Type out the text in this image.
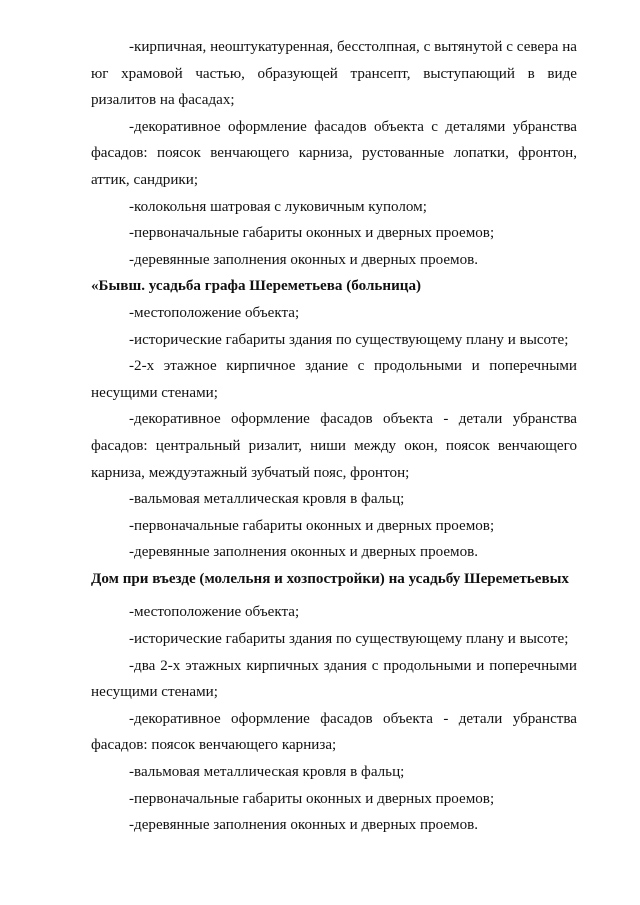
-кирпичная, неоштукатуренная, бесстолпная, с вытянутой с севера на юг храмовой частью, образующей трансепт, выступающий в виде ризалитов на фасадах;

-декоративное оформление фасадов объекта с деталями убранства фасадов: поясок венчающего карниза, рустованные лопатки, фронтон, аттик, сандрики;

-колокольня шатровая с луковичным куполом;

-первоначальные габариты оконных и дверных проемов;

-деревянные заполнения оконных и дверных проемов.

«Бывш. усадьба графа Шереметьева (больница)

-местоположение объекта;

-исторические габариты здания по существующему плану и высоте;

-2-х этажное кирпичное здание с продольными и поперечными несущими стенами;

-декоративное оформление фасадов объекта - детали убранства фасадов: центральный ризалит, ниши между окон, поясок венчающего карниза, междуэтажный зубчатый пояс, фронтон;

-вальмовая металлическая кровля в фальц;

-первоначальные габариты оконных и дверных проемов;

-деревянные заполнения оконных и дверных проемов.

Дом при въезде (молельня и хозпостройки) на усадьбу Шереметьевых

-местоположение объекта;

-исторические габариты здания по существующему плану и высоте;

-два 2-х этажных кирпичных здания с продольными и поперечными несущими стенами;

-декоративное оформление фасадов объекта - детали убранства фасадов: поясок венчающего карниза;

-вальмовая металлическая кровля в фальц;

-первоначальные габариты оконных и дверных проемов;

-деревянные заполнения оконных и дверных проемов.
